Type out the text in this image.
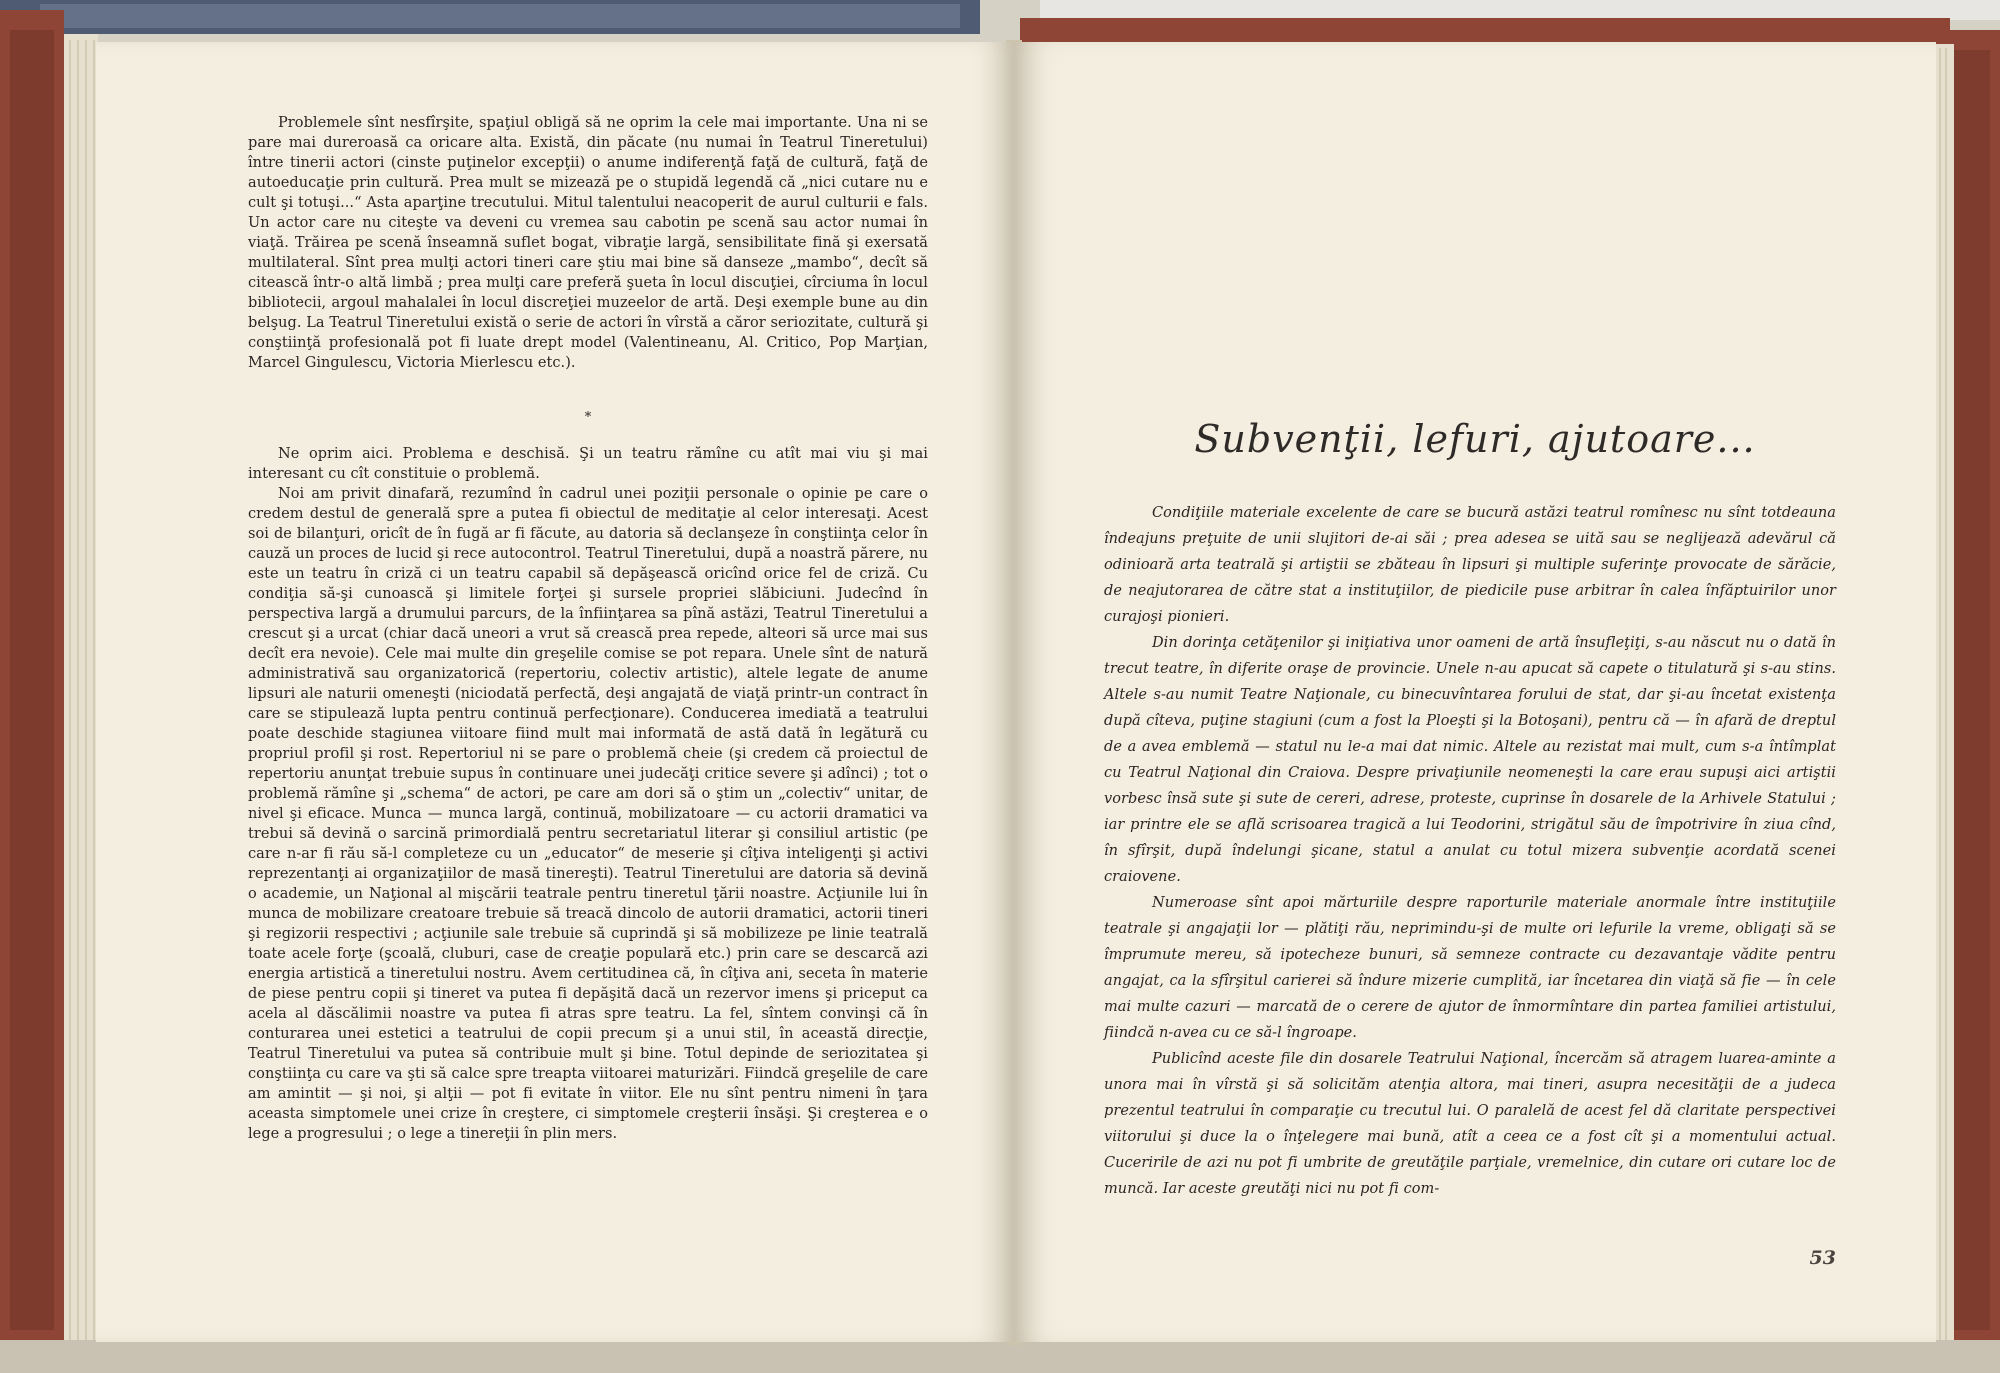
Problemele sînt nesfîrşite, spaţiul obligă să ne oprim la cele mai importante. Una ni se pare mai dureroasă ca oricare alta. Există, din păcate (nu numai în Teatrul Tineretului) între tinerii actori (cinste puţinelor excepţii) o anume indiferenţă faţă de cultură, faţă de autoeducaţie prin cultură. Prea mult se mizează pe o stupidă legendă că „nici cutare nu e cult şi totuşi...“ Asta aparţine trecutului. Mitul talentului neacoperit de aurul culturii e fals. Un actor care nu citeşte va deveni cu vremea sau cabotin pe scenă sau actor numai în viaţă. Trăirea pe scenă înseamnă suflet bogat, vibraţie largă, sensibilitate fină şi exersată multilateral. Sînt prea mulţi actori tineri care ştiu mai bine să danseze „mambo“, decît să citească într-o altă limbă ; prea mulţi care preferă şueta în locul discuţiei, cîrciuma în locul bibliotecii, argoul mahalalei în locul discreţiei muzeelor de artă. Deşi exemple bune au din belşug. La Teatrul Tineretului există o serie de actori în vîrstă a căror seriozitate, cultură şi conştiinţă profesională pot fi luate drept model (Valentineanu, Al. Critico, Pop Marţian, Marcel Gingulescu, Victoria Mierlescu etc.).

*

Ne oprim aici. Problema e deschisă. Şi un teatru rămîne cu atît mai viu şi mai interesant cu cît constituie o problemă.

Noi am privit dinafară, rezumînd în cadrul unei poziţii personale o opinie pe care o credem destul de generală spre a putea fi obiectul de meditaţie al celor interesaţi. Acest soi de bilanţuri, oricît de în fugă ar fi făcute, au datoria să declanşeze în conştiinţa celor în cauză un proces de lucid şi rece autocontrol. Teatrul Tineretului, după a noastră părere, nu este un teatru în criză ci un teatru capabil să depăşească oricînd orice fel de criză. Cu condiţia să-şi cunoască şi limitele forţei şi sursele propriei slăbiciuni. Judecînd în perspectiva largă a drumului parcurs, de la înfiinţarea sa pînă astăzi, Teatrul Tineretului a crescut şi a urcat (chiar dacă uneori a vrut să crească prea repede, alteori să urce mai sus decît era nevoie). Cele mai multe din greşelile comise se pot repara. Unele sînt de natură administrativă sau organizatorică (repertoriu, colectiv artistic), altele legate de anume lipsuri ale naturii omeneşti (niciodată perfectă, deşi angajată de viaţă printr-un contract în care se stipulează lupta pentru continuă perfecţionare). Conducerea imediată a teatrului poate deschide stagiunea viitoare fiind mult mai informată de astă dată în legătură cu propriul profil şi rost. Repertoriul ni se pare o problemă cheie (şi credem că proiectul de repertoriu anunţat trebuie supus în continuare unei judecăţi critice severe şi adînci) ; tot o problemă rămîne şi „schema“ de actori, pe care am dori să o ştim un „colectiv“ unitar, de nivel şi eficace. Munca — munca largă, continuă, mobilizatoare — cu actorii dramatici va trebui să devină o sarcină primordială pentru secretariatul literar şi consiliul artistic (pe care n-ar fi rău să-l completeze cu un „educator“ de meserie şi cîţiva inteligenţi şi activi reprezentanţi ai organizaţiilor de masă tinereşti). Teatrul Tineretului are datoria să devină o academie, un Naţional al mişcării teatrale pentru tineretul ţării noastre. Acţiunile lui în munca de mobilizare creatoare trebuie să treacă dincolo de autorii dramatici, actorii tineri şi regizorii respectivi ; acţiunile sale trebuie să cuprindă şi să mobilizeze pe linie teatrală toate acele forţe (şcoală, cluburi, case de creaţie populară etc.) prin care se descarcă azi energia artistică a tineretului nostru. Avem certitudinea că, în cîţiva ani, seceta în materie de piese pentru copii şi tineret va putea fi depăşită dacă un rezervor imens şi priceput ca acela al dăscălimii noastre va putea fi atras spre teatru. La fel, sîntem convinşi că în conturarea unei estetici a teatrului de copii precum şi a unui stil, în această direcţie, Teatrul Tineretului va putea să contribuie mult şi bine. Totul depinde de seriozitatea şi conştiinţa cu care va şti să calce spre treapta viitoarei maturizări. Fiindcă greşelile de care am amintit — şi noi, şi alţii — pot fi evitate în viitor. Ele nu sînt pentru nimeni în ţara aceasta simptomele unei crize în creştere, ci simptomele creşterii însăşi. Şi creşterea e o lege a progresului ; o lege a tinereţii în plin mers.

Subvenţii, lefuri, ajutoare...

Condiţiile materiale excelente de care se bucură astăzi teatrul romînesc nu sînt totdeauna îndeajuns preţuite de unii slujitori de-ai săi ; prea adesea se uită sau se neglijează adevărul că odinioară arta teatrală şi artiştii se zbăteau în lipsuri şi multiple suferinţe provocate de sărăcie, de neajutorarea de către stat a instituţiilor, de piedicile puse arbitrar în calea înfăptuirilor unor curajoşi pionieri.

Din dorinţa cetăţenilor şi iniţiativa unor oameni de artă însufleţiţi, s-au născut nu o dată în trecut teatre, în diferite oraşe de provincie. Unele n-au apucat să capete o titulatură şi s-au stins. Altele s-au numit Teatre Naţionale, cu binecuvîntarea forului de stat, dar şi-au încetat existenţa după cîteva, puţine stagiuni (cum a fost la Ploeşti şi la Botoşani), pentru că — în afară de dreptul de a avea emblemă — statul nu le-a mai dat nimic. Altele au rezistat mai mult, cum s-a întîmplat cu Teatrul Naţional din Craiova. Despre privaţiunile neomeneşti la care erau supuşi aici artiştii vorbesc însă sute şi sute de cereri, adrese, proteste, cuprinse în dosarele de la Arhivele Statului ; iar printre ele se află scrisoarea tragică a lui Teodorini, strigătul său de împotrivire în ziua cînd, în sfîrşit, după îndelungi şicane, statul a anulat cu totul mizera subvenţie acordată scenei craiovene.

Numeroase sînt apoi mărturiile despre raporturile materiale anormale între instituţiile teatrale şi angajaţii lor — plătiţi rău, neprimindu-şi de multe ori lefurile la vreme, obligaţi să se împrumute mereu, să ipotecheze bunuri, să semneze contracte cu dezavantaje vădite pentru angajat, ca la sfîrşitul carierei să îndure mizerie cumplită, iar încetarea din viaţă să fie — în cele mai multe cazuri — marcată de o cerere de ajutor de înmormîntare din partea familiei artistului, fiindcă n-avea cu ce să-l îngroape.

Publicînd aceste file din dosarele Teatrului Naţional, încercăm să atragem luarea-aminte a unora mai în vîrstă şi să solicităm atenţia altora, mai tineri, asupra necesităţii de a judeca prezentul teatrului în comparaţie cu trecutul lui. O paralelă de acest fel dă claritate perspectivei viitorului şi duce la o înţelegere mai bună, atît a ceea ce a fost cît şi a momentului actual. Cuceririle de azi nu pot fi umbrite de greutăţile parţiale, vremelnice, din cutare ori cutare loc de muncă. Iar aceste greutăţi nici nu pot fi com-

53
